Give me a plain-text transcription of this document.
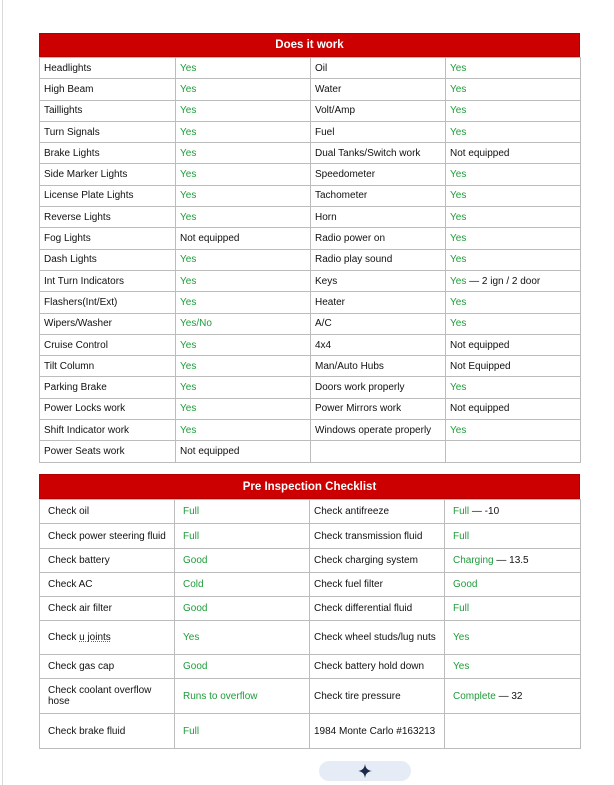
Does it work
Headlights	Yes	Oil	Yes
High Beam	Yes	Water	Yes
Taillights	Yes	Volt/Amp	Yes
Turn Signals	Yes	Fuel	Yes
Brake Lights	Yes	Dual Tanks/Switch work	Not equipped
Side Marker Lights	Yes	Speedometer	Yes
License Plate Lights	Yes	Tachometer	Yes
Reverse Lights	Yes	Horn	Yes
Fog Lights	Not equipped	Radio power on	Yes
Dash Lights	Yes	Radio play sound	Yes
Int Turn Indicators	Yes	Keys	Yes — 2 ign / 2 door
Flashers(Int/Ext)	Yes	Heater	Yes
Wipers/Washer	Yes/No	A/C	Yes
Cruise Control	Yes	4x4	Not equipped
Tilt Column	Yes	Man/Auto Hubs	Not Equipped
Parking Brake	Yes	Doors work properly	Yes
Power Locks work	Yes	Power Mirrors work	Not equipped
Shift Indicator work	Yes	Windows operate properly	Yes
Power Seats work	Not equipped		
Pre Inspection Checklist
Check oil	Full	Check antifreeze	Full — -10
Check power steering fluid	Full	Check transmission fluid	Full
Check battery	Good	Check charging system	Charging — 13.5
Check AC	Cold	Check fuel filter	Good
Check air filter	Good	Check differential fluid	Full
Check u joints	Yes	Check wheel studs/lug nuts	Yes
Check gas cap	Good	Check battery hold down	Yes
Check coolant overflow hose	Runs to overflow	Check tire pressure	Complete — 32
Check brake fluid	Full	1984 Monte Carlo #163213	
